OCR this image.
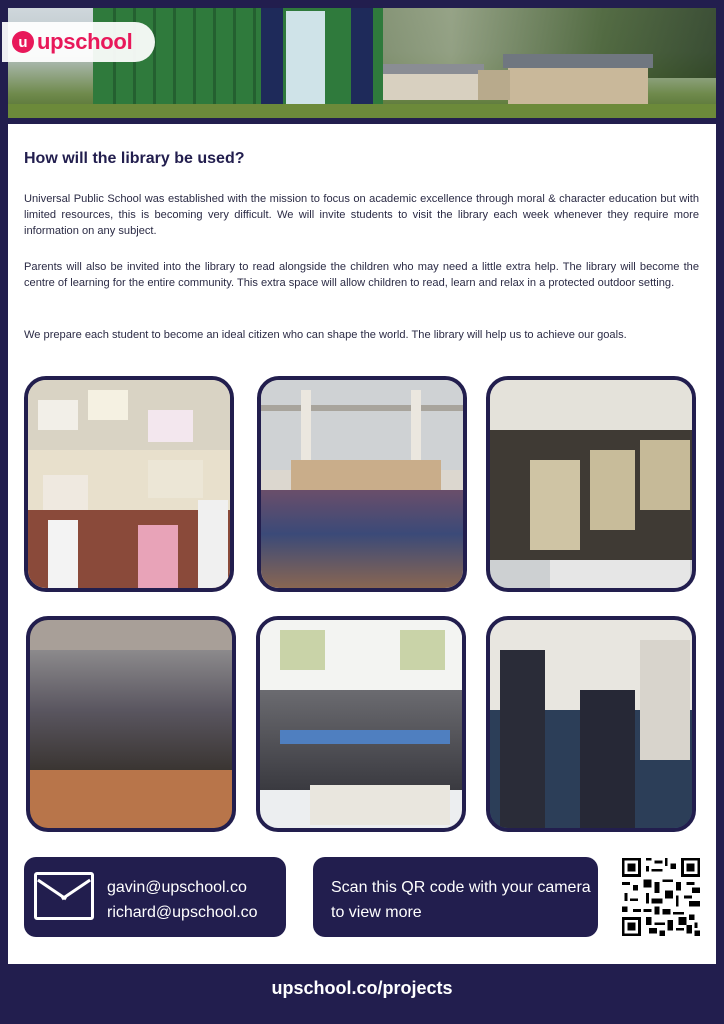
u upschool
How will the library be used?

Universal Public School was established with the mission to focus on academic excellence through moral & character education but with limited resources, this is becoming very difficult. We will invite students to visit the library each week whenever they require more information on any subject.

Parents will also be invited into the library to read alongside the children who may need a little extra help. The library will become the centre of learning for the entire community. This extra space will allow children to read, learn and relax in a protected outdoor setting.

We prepare each student to become an ideal citizen who can shape the world. The library will help us to achieve our goals.

gavin@upschool.co
richard@upschool.co
Scan this QR code with your camera to view more
upschool.co/projects
